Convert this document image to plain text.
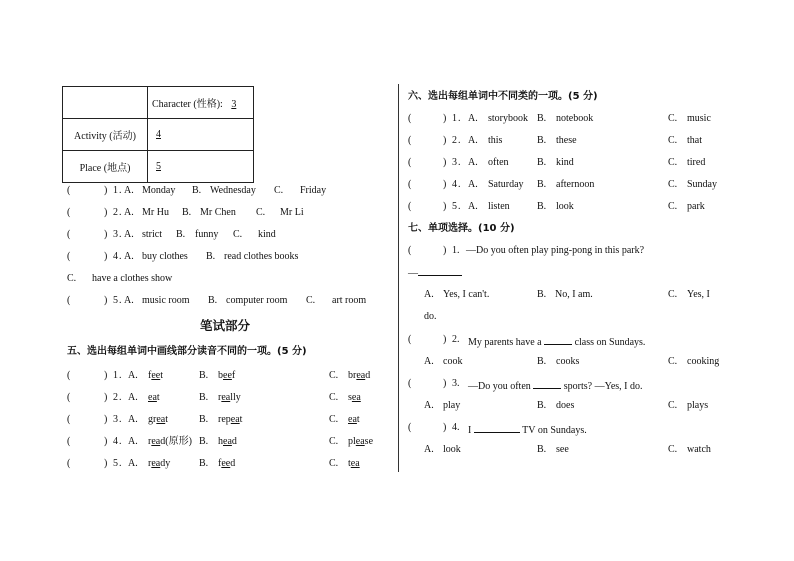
	Character (性格): 3
Activity (活动)	4
Place (地点)	5
(	) 1 . A. Monday B. Wednesday C. Friday
(	) 2 . A. Mr Hu B. Mr Chen C. Mr Li
(	) 3 . A. strict B. funny C. kind
(	) 4 . A. buy clothes B. read clothes books
C. have a clothes show
(	) 5 . A. music room B. computer room C. art room
笔试部分
五、选出每组单词中画线部分读音不同的一项。(5 分)
(	) 1 . A. feet	B. beef	C. bread
(	) 2 . A. eat	B. really	C. sea
(	) 3 . A. great	B. repeat	C. eat
(	) 4 . A. read(原形) B. head	C. please
(	) 5 . A. ready	B. feed	C. tea
六、选出每组单词中不同类的一项。(5 分)
(	) 1 . A. storybook B. notebook	C. music
(	) 2 . A. this	B. these	C. that
(	) 3 . A. often	B. kind	C. tired
(	) 4 . A. Saturday B. afternoon	C. Sunday
(	) 5 . A. listen	B. look	C. park
七、单项选择。(10 分)
(	) 1. —Do you often play ping-pong in this park?
—
A. Yes, I can't.	B. No, I am.	C. Yes, I
do.
(	) 2. My parents have a	class on Sundays.
A. cook	B. cooks	C. cooking
(	) 3. —Do you often	sports? —Yes, I do.
A. play	B. does	C. plays
(	) 4. I	TV on Sundays.
A. look	B. see	C. watch
